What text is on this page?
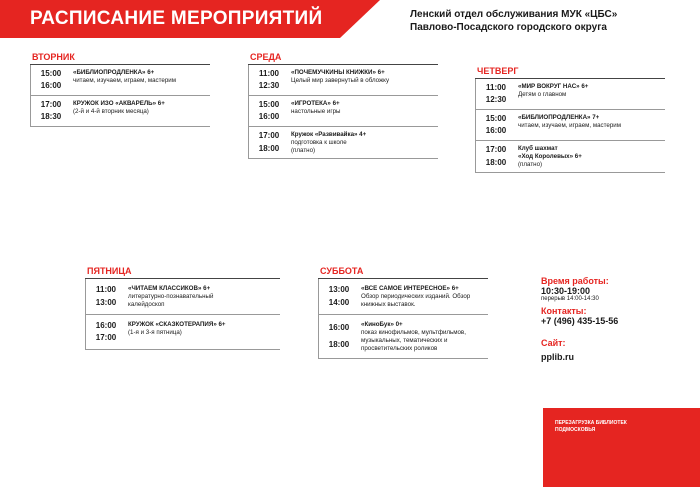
РАСПИСАНИЕ МЕРОПРИЯТИЙ	Ленский отдел обслуживания МУК «ЦБС»
Павлово-Посадского городского округа
ВТОРНИК
15:00
16:00
«БИБЛИОПРОДЛЕНКА» 6+
читаем, изучаем, играем, мастерим
17:00
18:30
КРУЖОК ИЗО «АКВАРЕЛЬ» 6+
(2-й и 4-й вторник месяца)
СРЕДА
11:00
12:30
«ПОЧЕМУЧКИНЫ КНИЖКИ» 6+
Целый мир завернутый в обложку
15:00
16:00
«ИГРОТЕКА» 6+
настольные игры
17:00
18:00
Кружок «Развивайка» 4+
подготовка к школе
(платно)
ЧЕТВЕРГ
11:00
12:30
«МИР ВОКРУГ НАС» 6+
Детям о главном
15:00
16:00
«БИБЛИОПРОДЛЕНКА» 7+
читаем, изучаем, играем, мастерим
17:00
18:00
Клуб шахмат
«Ход Королевых» 6+
(платно)
ПЯТНИЦА
11:00
13:00
«ЧИТАЕМ КЛАССИКОВ» 6+
литературно-познавательный
калейдоскоп
16:00
17:00
КРУЖОК «СКАЗКОТЕРАПИЯ» 6+
(1-я и 3-я пятница)
СУББОТА
13:00
14:00
«ВСЕ САМОЕ ИНТЕРЕСНОЕ» 6+
Обзор периодических изданий. Обзор
книжных выставок.
16:00
18:00
«КиноБук» 0+
показ кинофильмов, мультфильмов,
музыкальных, тематических и
просветительских роликов
Время работы:
10:30-19:00
перерыв 14:00-14:30
Контакты:
+7 (496) 435-15-56
Сайт:
pplib.ru
ПЕРЕЗАГРУЗКА БИБЛИОТЕК
ПОДМОСКОВЬЯ
